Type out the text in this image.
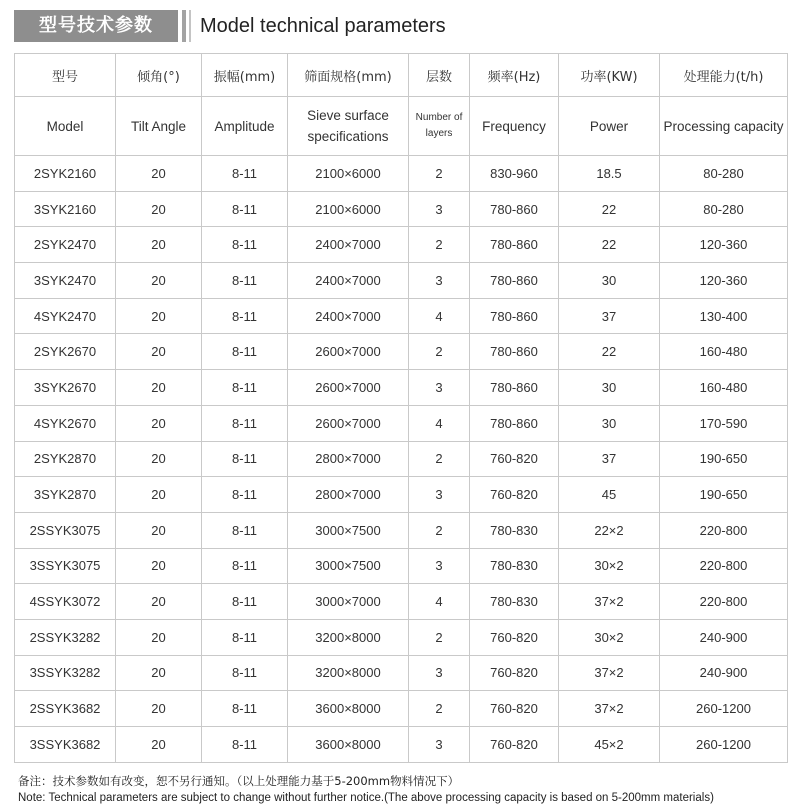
型号技术参数	Model technical parameters
型号	倾角(°)	振幅(mm)	筛面规格(mm)	层数	频率(Hz)	功率(KW)	处理能力(t/h)
Model	Tilt Angle	Amplitude	Sieve surface specifications	Number of layers	Frequency	Power	Processing capacity
2SYK2160	20	8-11	2100×6000	2	830-960	18.5	80-280
3SYK2160	20	8-11	2100×6000	3	780-860	22	80-280
2SYK2470	20	8-11	2400×7000	2	780-860	22	120-360
3SYK2470	20	8-11	2400×7000	3	780-860	30	120-360
4SYK2470	20	8-11	2400×7000	4	780-860	37	130-400
2SYK2670	20	8-11	2600×7000	2	780-860	22	160-480
3SYK2670	20	8-11	2600×7000	3	780-860	30	160-480
4SYK2670	20	8-11	2600×7000	4	780-860	30	170-590
2SYK2870	20	8-11	2800×7000	2	760-820	37	190-650
3SYK2870	20	8-11	2800×7000	3	760-820	45	190-650
2SSYK3075	20	8-11	3000×7500	2	780-830	22×2	220-800
3SSYK3075	20	8-11	3000×7500	3	780-830	30×2	220-800
4SSYK3072	20	8-11	3000×7000	4	780-830	37×2	220-800
2SSYK3282	20	8-11	3200×8000	2	760-820	30×2	240-900
3SSYK3282	20	8-11	3200×8000	3	760-820	37×2	240-900
2SSYK3682	20	8-11	3600×8000	2	760-820	37×2	260-1200
3SSYK3682	20	8-11	3600×8000	3	760-820	45×2	260-1200
备注：技术参数如有改变，恕不另行通知。（以上处理能力基于5-200mm物料情况下）
Note: Technical parameters are subject to change without further notice.(The above processing capacity is based on 5-200mm materials)
